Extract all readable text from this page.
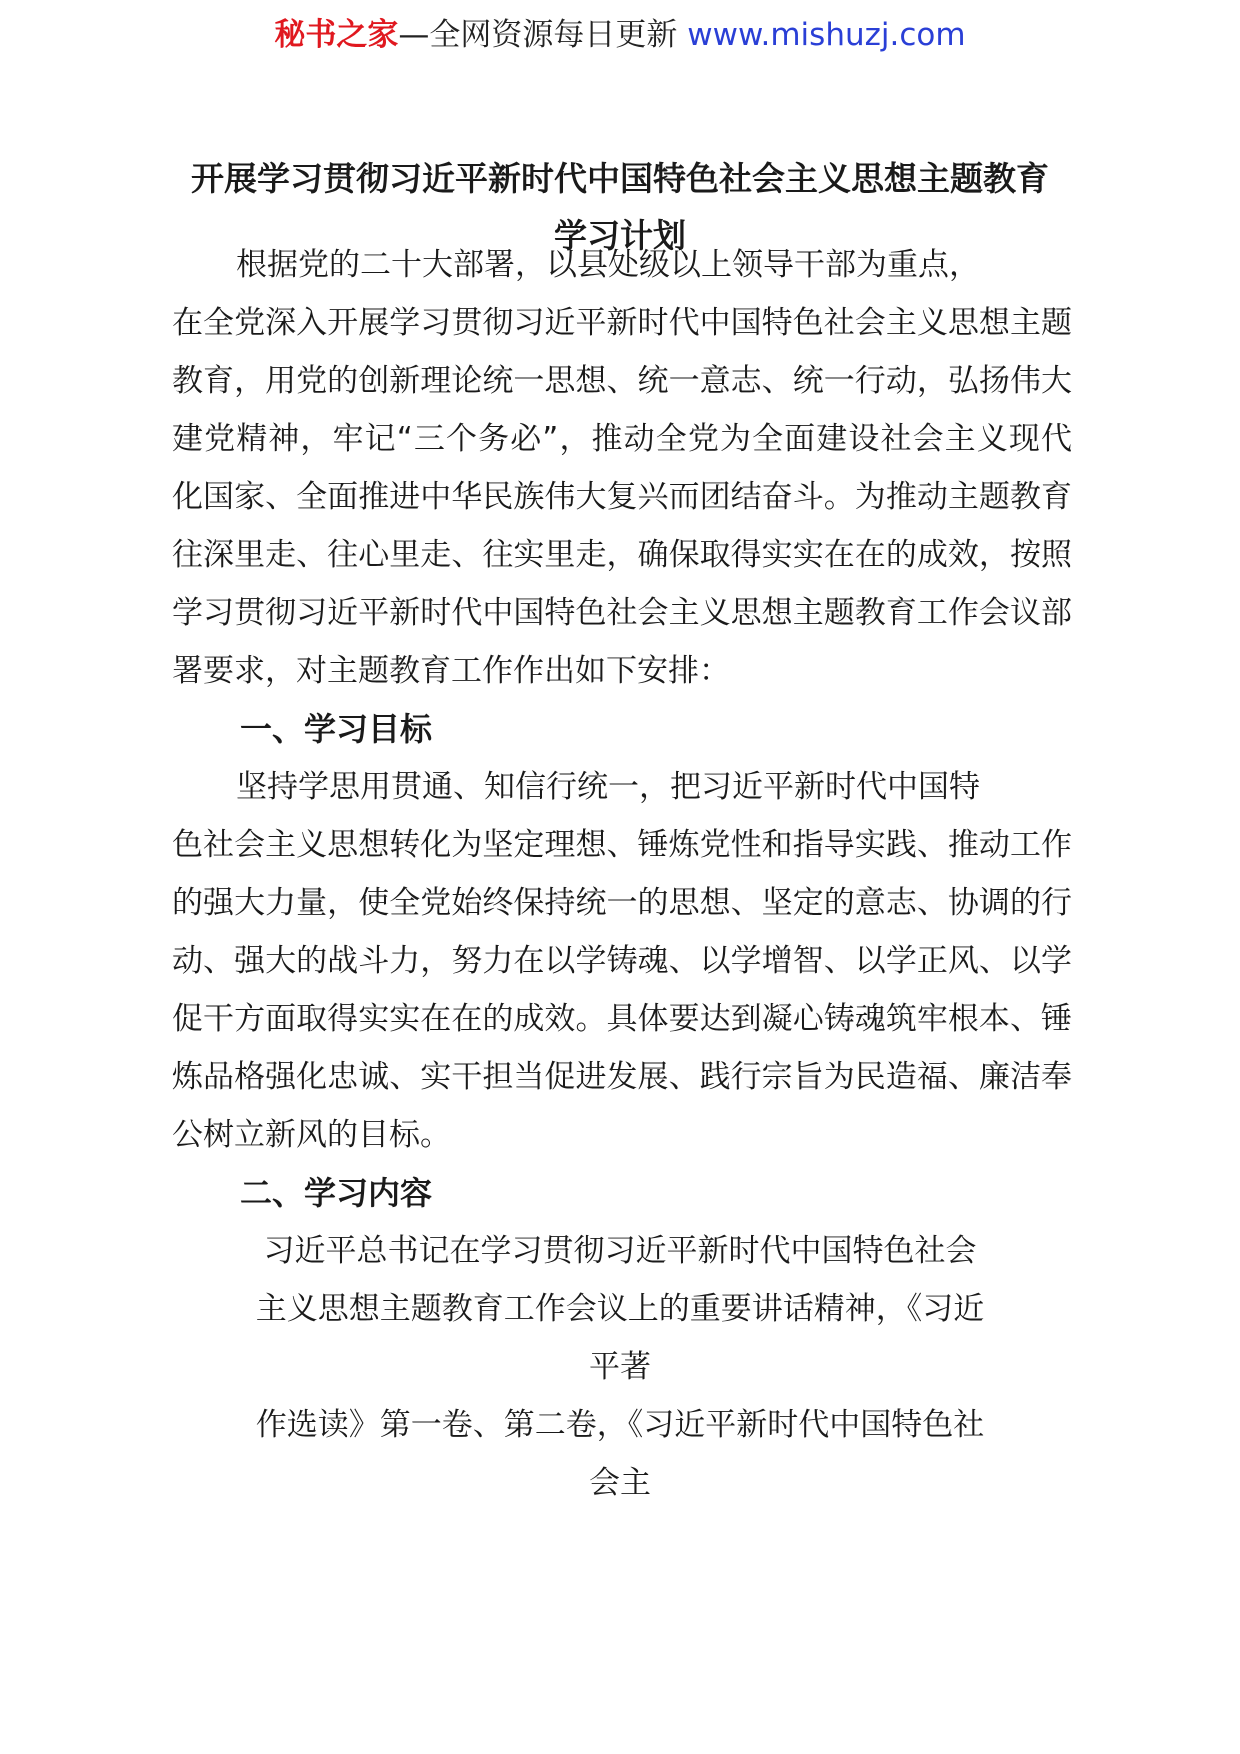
秘书之家—全网资源每日更新 www.mishuzj.com
开展学习贯彻习近平新时代中国特色社会主义思想主题教育
学习计划
根据党的二十大部署，以县处级以上领导干部为重点，
在全党深入开展学习贯彻习近平新时代中国特色社会主义思想主题教育，用党的创新理论统一思想、统一意志、统一行动，弘扬伟大建党精神，牢记“三个务必”，推动全党为全面建设社会主义现代化国家、全面推进中华民族伟大复兴而团结奋斗。为推动主题教育往深里走、往心里走、往实里走，确保取得实实在在的成效，按照学习贯彻习近平新时代中国特色社会主义思想主题教育工作会议部署要求，对主题教育工作作出如下安排：
一、学习目标
坚持学思用贯通、知信行统一，把习近平新时代中国特
色社会主义思想转化为坚定理想、锤炼党性和指导实践、推动工作的强大力量，使全党始终保持统一的思想、坚定的意志、协调的行动、强大的战斗力，努力在以学铸魂、以学增智、以学正风、以学促干方面取得实实在在的成效。具体要达到凝心铸魂筑牢根本、锤炼品格强化忠诚、实干担当促进发展、践行宗旨为民造福、廉洁奉公树立新风的目标。
二、学习内容
习近平总书记在学习贯彻习近平新时代中国特色社会
主义思想主题教育工作会议上的重要讲话精神，《习近
平著
作选读》第一卷、第二卷，《习近平新时代中国特色社
会主
